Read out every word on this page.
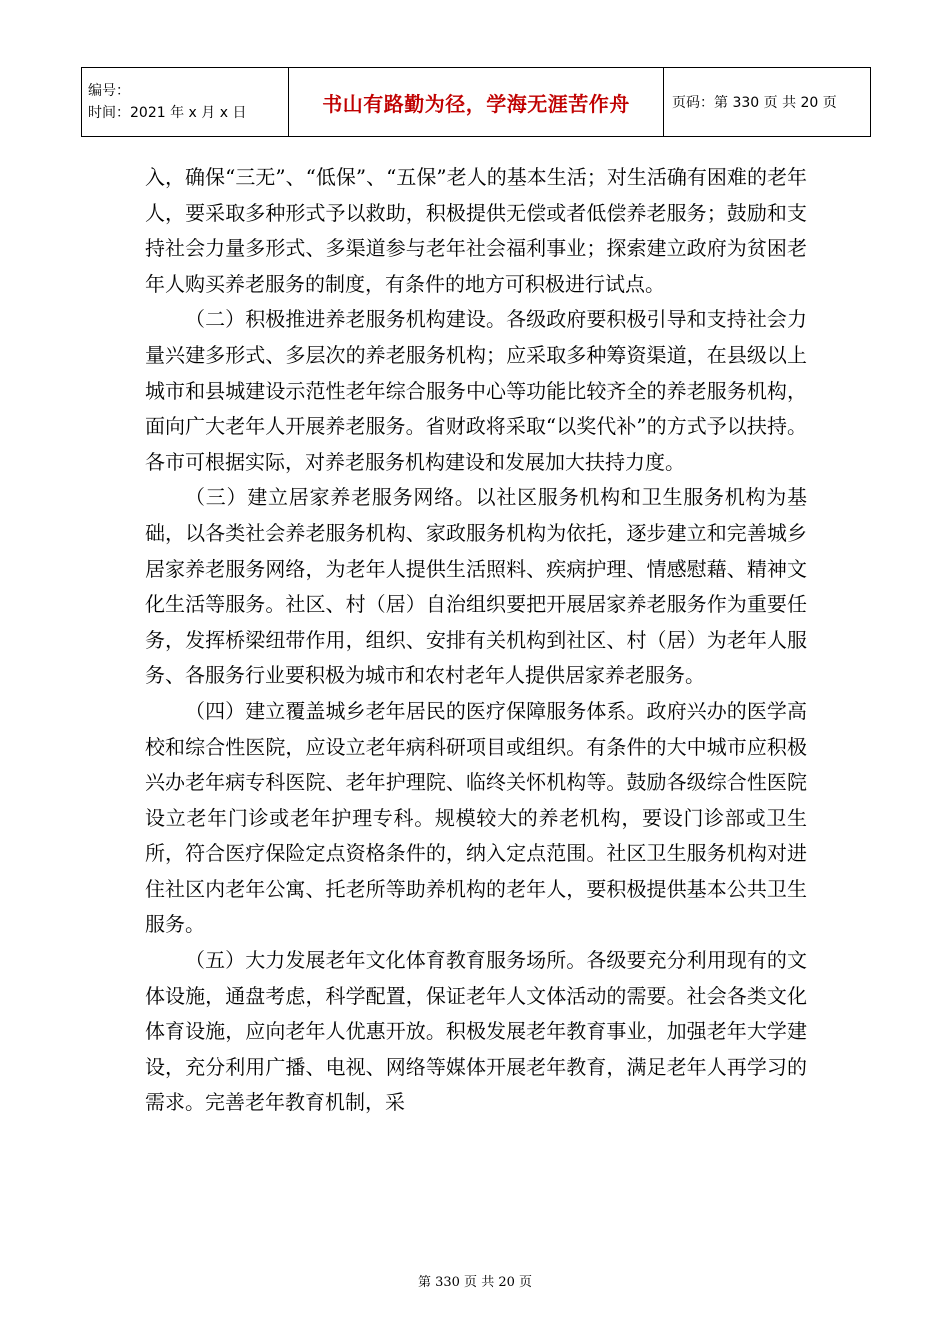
编号：
时间：2021 年 x 月 x 日	书山有路勤为径，学海无涯苦作舟	页码：第 330 页 共 20 页

入，确保“三无”、“低保”、“五保”老人的基本生活；对生活确有困难的老年人，要采取多种形式予以救助，积极提供无偿或者低偿养老服务；鼓励和支持社会力量多形式、多渠道参与老年社会福利事业；探索建立政府为贫困老年人购买养老服务的制度，有条件的地方可积极进行试点。

（二）积极推进养老服务机构建设。各级政府要积极引导和支持社会力量兴建多形式、多层次的养老服务机构；应采取多种筹资渠道，在县级以上城市和县城建设示范性老年综合服务中心等功能比较齐全的养老服务机构，面向广大老年人开展养老服务。省财政将采取“以奖代补”的方式予以扶持。各市可根据实际，对养老服务机构建设和发展加大扶持力度。

（三）建立居家养老服务网络。以社区服务机构和卫生服务机构为基础，以各类社会养老服务机构、家政服务机构为依托，逐步建立和完善城乡居家养老服务网络，为老年人提供生活照料、疾病护理、情感慰藉、精神文化生活等服务。社区、村（居）自治组织要把开展居家养老服务作为重要任务，发挥桥梁纽带作用，组织、安排有关机构到社区、村（居）为老年人服务、各服务行业要积极为城市和农村老年人提供居家养老服务。

（四）建立覆盖城乡老年居民的医疗保障服务体系。政府兴办的医学高校和综合性医院，应设立老年病科研项目或组织。有条件的大中城市应积极兴办老年病专科医院、老年护理院、临终关怀机构等。鼓励各级综合性医院设立老年门诊或老年护理专科。规模较大的养老机构，要设门诊部或卫生所，符合医疗保险定点资格条件的，纳入定点范围。社区卫生服务机构对进住社区内老年公寓、托老所等助养机构的老年人，要积极提供基本公共卫生服务。

（五）大力发展老年文化体育教育服务场所。各级要充分利用现有的文体设施，通盘考虑，科学配置，保证老年人文体活动的需要。社会各类文化体育设施，应向老年人优惠开放。积极发展老年教育事业，加强老年大学建设，充分利用广播、电视、网络等媒体开展老年教育，满足老年人再学习的需求。完善老年教育机制，采

第 330 页 共 20 页
